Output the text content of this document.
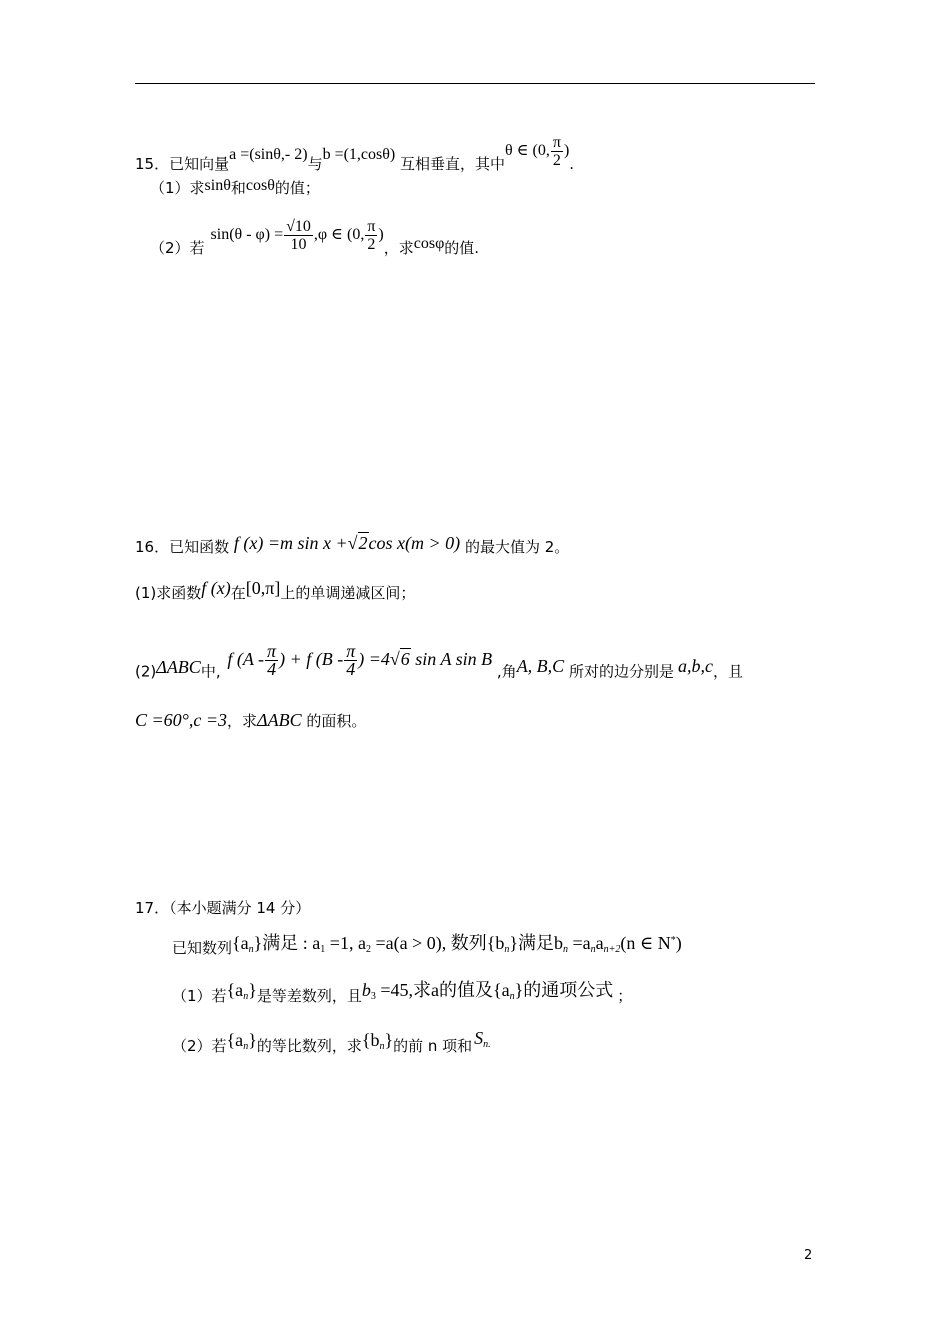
15．已知向量a =(sinθ,- 2)与b =(1,cosθ) 互相垂直，其中θ ∈ (0, $\frac{\pi}{2}$ ).
（1）求sinθ和cosθ的值；
（2）若$\sin(\theta - \varphi) = \frac{√10}{10} ,\varphi$ ∈ (0, $\frac{\pi}{2}$ )，求cosφ的值.
16．已知函数 f (x) =m sin x +√2cos x(m > 0) 的最大值为 2。
(1)求函数f (x)在[0,π]上的单调递减区间；
(2)ΔABC中, f ($A - \frac{\pi}{4}$ ) + f ($B - \frac{\pi}{4}$ ) =4√6 sin A sin B ,角A, B,C 所对的边分别是 a,b,c，且
C =60°,c =3，求ΔABC 的面积。
17．（本小题满分 14 分）
已知数列$\{a_n\}$满足 : $a_1 =1$, $a_2 =a(a > 0)$, 数列$\{b_n\}$满足$b_n =a_na_{n+2}(n$ ∈ N*)
（1）若$\{a_n\}$是等差数列，且$b_3 =45$,求a的值及$\{a_n\}$的通项公式 ；
（2）若$\{a_n\}$的等比数列，求$\{b_n\}$的前 n 项和 $S_{n.}$
2
